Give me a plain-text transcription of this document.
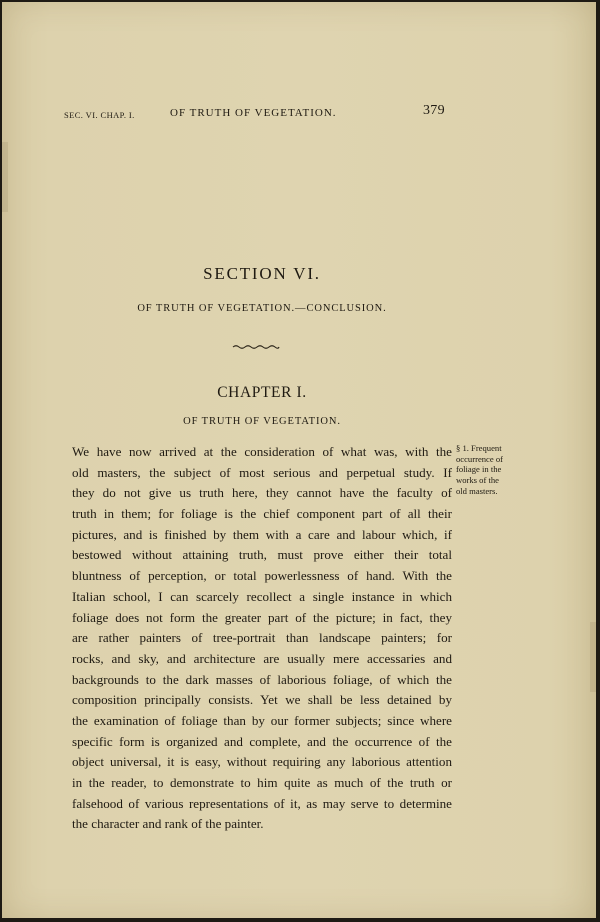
SEC. VI. CHAP. I.	OF TRUTH OF VEGETATION.	379
SECTION VI.
OF TRUTH OF VEGETATION.—CONCLUSION.
CHAPTER I.
OF TRUTH OF VEGETATION.
We have now arrived at the consideration of what was, with the
old masters, the subject of most serious and perpetual study. If
they do not give us truth here, they cannot have the faculty of
truth in them; for foliage is the chief component part of all their
pictures, and is finished by them with a care and labour which, if
bestowed without attaining truth, must prove either their total
bluntness of perception, or total powerlessness of hand. With the
Italian school, I can scarcely recollect a single instance in which
foliage does not form the greater part of the picture; in fact, they
are rather painters of tree-portrait than landscape painters; for
rocks, and sky, and architecture are usually mere accessaries and
backgrounds to the dark masses of laborious foliage, of which the
composition principally consists. Yet we shall be less detained by
the examination of foliage than by our former subjects; since where
specific form is organized and complete, and the occurrence of the
object universal, it is easy, without requiring any laborious attention
in the reader, to demonstrate to him quite as much of the truth or
falsehood of various representations of it, as may serve to determine
the character and rank of the painter.
§ 1. Frequent
occurrence of
foliage in the
works of the
old masters.
